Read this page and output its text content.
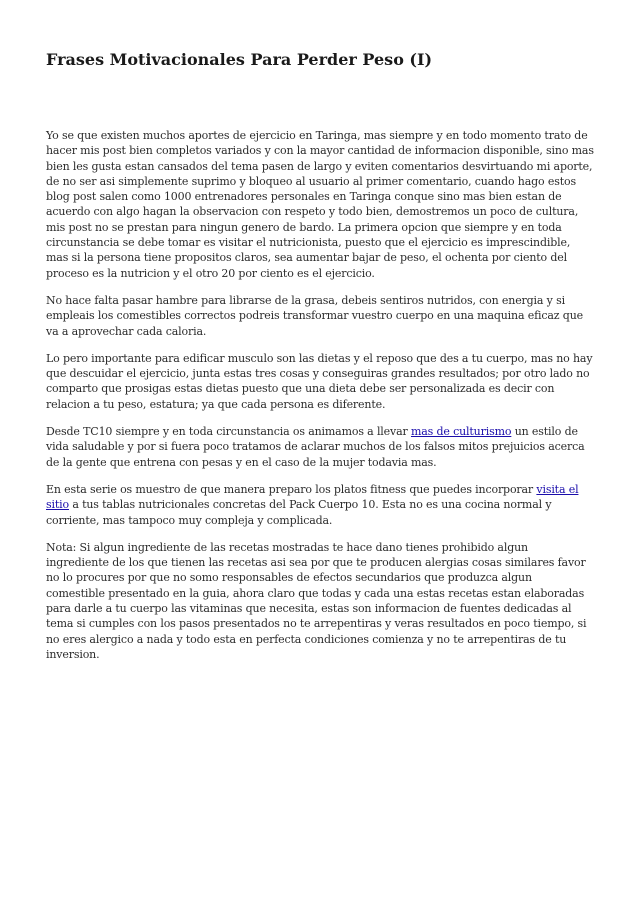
Frases Motivacionales Para Perder Peso (I)

Yo se que existen muchos aportes de ejercicio en Taringa, mas siempre y en todo momento trato de hacer mis post bien completos variados y con la mayor cantidad de informacion disponible, sino mas bien les gusta estan cansados del tema pasen de largo y eviten comentarios desvirtuando mi aporte, de no ser asi simplemente suprimo y bloqueo al usuario al primer comentario, cuando hago estos blog post salen como 1000 entrenadores personales en Taringa conque sino mas bien estan de acuerdo con algo hagan la observacion con respeto y todo bien, demostremos un poco de cultura, mis post no se prestan para ningun genero de bardo. La primera opcion que siempre y en toda circunstancia se debe tomar es visitar el nutricionista, puesto que el ejercicio es imprescindible, mas si la persona tiene propositos claros, sea aumentar bajar de peso, el ochenta por ciento del proceso es la nutricion y el otro 20 por ciento es el ejercicio.

No hace falta pasar hambre para librarse de la grasa, debeis sentiros nutridos, con energia y si empleais los comestibles correctos podreis transformar vuestro cuerpo en una maquina eficaz que va a aprovechar cada caloria.

Lo pero importante para edificar musculo son las dietas y el reposo que des a tu cuerpo, mas no hay que descuidar el ejercicio, junta estas tres cosas y conseguiras grandes resultados; por otro lado no comparto que prosigas estas dietas puesto que una dieta debe ser personalizada es decir con relacion a tu peso, estatura; ya que cada persona es diferente.

Desde TC10 siempre y en toda circunstancia os animamos a llevar mas de culturismo un estilo de vida saludable y por si fuera poco tratamos de aclarar muchos de los falsos mitos prejuicios acerca de la gente que entrena con pesas y en el caso de la mujer todavia mas.

En esta serie os muestro de que manera preparo los platos fitness que puedes incorporar visita el sitio a tus tablas nutricionales concretas del Pack Cuerpo 10. Esta no es una cocina normal y corriente, mas tampoco muy compleja y complicada.

Nota: Si algun ingrediente de las recetas mostradas te hace dano tienes prohibido algun ingrediente de los que tienen las recetas asi sea por que te producen alergias cosas similares favor no lo procures por que no somo responsables de efectos secundarios que produzca algun comestible presentado en la guia, ahora claro que todas y cada una estas recetas estan elaboradas para darle a tu cuerpo las vitaminas que necesita, estas son informacion de fuentes dedicadas al tema si cumples con los pasos presentados no te arrepentiras y veras resultados en poco tiempo, si no eres alergico a nada y todo esta en perfecta condiciones comienza y no te arrepentiras de tu inversion.
